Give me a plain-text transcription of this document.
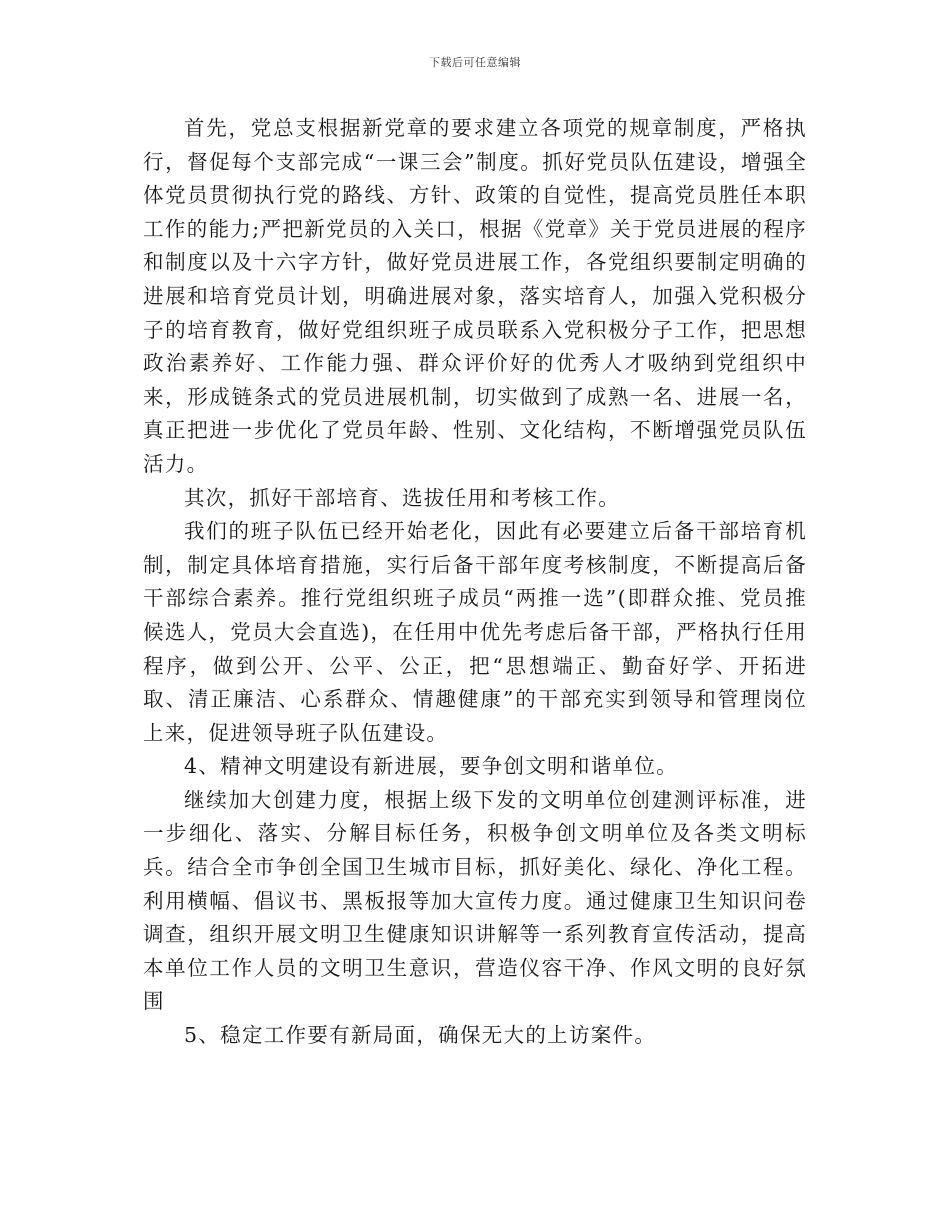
下载后可任意编辑

首先，党总支根据新党章的要求建立各项党的规章制度，严格执行，督促每个支部完成“一课三会”制度。抓好党员队伍建设，增强全体党员贯彻执行党的路线、方针、政策的自觉性，提高党员胜任本职工作的能力;严把新党员的入关口，根据《党章》关于党员进展的程序和制度以及十六字方针，做好党员进展工作，各党组织要制定明确的进展和培育党员计划，明确进展对象，落实培育人，加强入党积极分子的培育教育，做好党组织班子成员联系入党积极分子工作，把思想政治素养好、工作能力强、群众评价好的优秀人才吸纳到党组织中来，形成链条式的党员进展机制，切实做到了成熟一名、进展一名，真正把进一步优化了党员年龄、性别、文化结构，不断增强党员队伍活力。

其次，抓好干部培育、选拔任用和考核工作。

我们的班子队伍已经开始老化，因此有必要建立后备干部培育机制，制定具体培育措施，实行后备干部年度考核制度，不断提高后备干部综合素养。推行党组织班子成员“两推一选”(即群众推、党员推候选人，党员大会直选)，在任用中优先考虑后备干部，严格执行任用程序，做到公开、公平、公正，把“思想端正、勤奋好学、开拓进取、清正廉洁、心系群众、情趣健康”的干部充实到领导和管理岗位上来，促进领导班子队伍建设。

4、精神文明建设有新进展，要争创文明和谐单位。

继续加大创建力度，根据上级下发的文明单位创建测评标准，进一步细化、落实、分解目标任务，积极争创文明单位及各类文明标兵。结合全市争创全国卫生城市目标，抓好美化、绿化、净化工程。利用横幅、倡议书、黑板报等加大宣传力度。通过健康卫生知识问卷调查，组织开展文明卫生健康知识讲解等一系列教育宣传活动，提高本单位工作人员的文明卫生意识，营造仪容干净、作风文明的良好氛围

5、稳定工作要有新局面，确保无大的上访案件。
